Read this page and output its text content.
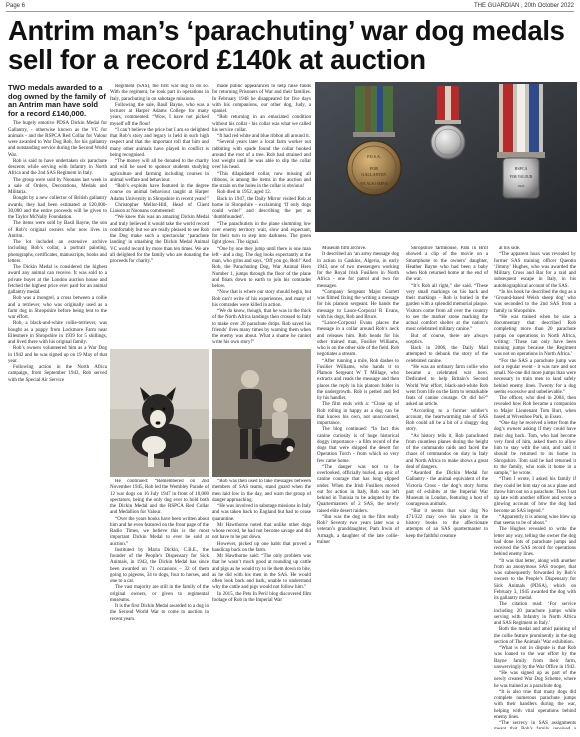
Page 6	THE GUARDIAN , 20th October 2022
Antrim man’s ‘parachuting’ war dog medals sell for a record £140k at auction

TWO medals awarded to a dog owned by the family of an Antrim man have sold for a record £140,000.

The hugely emotive PDSA Dickin Medal for Gallantry, - otherwise known as the VC for animals - and the RSPCA Red Collar for Valour were awarded to War Dog Rob, for his gallantry and outstanding service during the Second World War.

Rob is said to have undertaken six parachute descents while serving with Infantry in North Africa and the 2nd SAS Regiment in Italy.

The group were sold by Noonans last week in a sale of Orders, Decorations, Medals and Militaria.

Bought by a new collector of British gallantry awards, they had been estimated at £20,000-30,000 and the entire proceeds will be given to the Taylor McNally Foundation.

The items were sold by Basil Bayne, the son of Rob’s original owners who now lives in Antrim.

The lot included an extensive archive including Rob’s collar, a portrait painting, photographs, certificates, manuscripts, books and letters.

The Dickin Medal is considered the highest award any animal can receive. It was sold to a private buyer at the London auction house and fetched the highest price ever paid for an animal gallantry medal.

Rob was a mongrel, a cross between a collie and a retriever, who was originally used as a farm dog in Shropshire before being lent to the war effort.

Rob, a black-and-white collie-retriever, was bought as a puppy from Lockmore Farm near Ellesmere in Shropshire in 1939 for 5 shillings, and lived there with his original family.

Rob’s owners volunteered him as a War Dog in 1942 and he was signed up on 19 May of that year.

Following action in the North Africa campaign, from September 1943, Rob served with the Special Air Service

Regiment (SAS), the first war dog to do so. With the regiment, he took part in operations in Italy, parachuting in on sabotage missions.

Following the sale, Basil Bayne, who was a lecturer at Harper Adams College for many years, commented: “Wow, I have not picked myself off the floor!

“I can’t believe the price but I am so delighted that Rob’s story and legacy is held in such high respect and that the important roll that him and many other animals have played in conflict is being recognised.

“The money will all be donated to the charity and will be used to sponsor students studying agriculture and farming including courses in animal welfare and behaviour.

“Rob’s exploits have featured in the degree course on animal behaviour taught at Harper Adams University in Shropshire in recent years!”

Christopher Mellor-Hill, Head of Client Liaison at Noonans commented:

“We knew this was an amazing Dickin Medal and truly believed it would take the world record comfortably but we are really pleased to see Rob the Dog make such a spectacular ‘parachute landing’ in smashing the Dickin Medal Animal VC world record by more than ten times. We are all delighted for the family who are donating the proceeds for charity.”

made public appearances to help raise funds for returning Prisoners of War and their families. In February 1948 he disappeared for five days with his companions, our other dog, Judy, a spaniel.

“Rob returning in an emaciated condition without his collar - his collar was what we called his service collar.

“It had red white and blue ribbon all around it.

“Several years later a local farm worker out rabbiting with spade found the collar hooked around the root of a tree. Rob had strained and lost weight until he was able to slip the collar over his head.

“This dilapidated collar, now missing all ribbons, is among the items in the auction and the strain on the holes in the collar is obvious!

Rob died in 1952, aged 12.

Back in 1947, the Daily Mirror visited Rob at home in Shropshire - exclaiming ‘If only dogs could write!’ and describing the pet as ‘dumbfounded’.

“The parachutists in the plane slumming low over enemy territory wait, slow and expectant, for their turn to step into darkness. The green light glows. The signal.

“One by one they jump until there is one man left - and a dog. The dog looks expectantly at the man, who grins and says, ‘Off you go, Rob!’ And Rob, the Parachuting Dog, War Animal Hero Number 1, jumps through the floor of the plane and floats down to earth to join his comrades below.

“Now that is where our story should begin, but Rob can’t write of his experiences, and many of his comrades were killed in action.

“We do know, though, that he was in the thick of the North Africa landings then crossed to Italy to make over 20 parachute drops. Rob saved his friends’ lives many times by warning them when the enemy was about. What a shame he cannot write his own story!”

P.D.S.A.
FOR
GALLANTRY
WE ALSO SERVE
RSPCA
FOR VALOUR
1945

Museum film archive.

It described an ‘an army message dog in action in Gaskins, Algeria, in early 1943, one of two messengers working for the Royal Irish Fusiliers in North Africa - one for patrol and two for messages.

“Company Sergeant Major Garrett was filmed fixing the writing a message for his platoon sergeant. He hands the message to Lance-Corporal R Evans, with his dogs, Rob and Bruce.

“Lance-Corporal Evans places the message in a collar around Rob’s neck and releases him. Rob heads for his other trained man, Fusilier Williams, who is on the other side of the field. Rob negotiates a stream.

“After running a mile, Rob dashes to Fusilier Williams, who hands it to Platoon Sergeant W T Millage, who extracts and reads the message and then places the reply in his platoon folder in the undergrowth. Rob is petted and fed by his handler.

The film ends with a: “Close up of Rob rolling in happy as a dog can be that knows his own, not unaccounted, importance.

The blog continued: “In fact this canine curiosity is of huge historical doggy importance - a film record of the dogs that were shipped the desert for Operation Torch - from which so very few came home.

“The danger was not to be overlooked, officially buried, an epic of canine courage that has long slipped under. When the Irish Fusiliers moved out for action in Italy, Rob was left behind in Tunisia to be adopted by the Quartermasters of 2 SAS, the newly raised elite desert raiders.

“But was the dog in the film really Rob? Seventy two years later was a veteran’s granddaughter, Pam Irwin of Armagh, a daughter of the late collie-trainer

Shropshire farmhouse, Pam in Brill showed a clip of the movie on a Smartphone to the owners’ daughter, Heather Bayne who had been a baby when Rob returned home at the end of the war.

“It’s Rob all right,” she said. “These very small markings on his back and their markings - Rob is buried in the garden with a splendid memorial plaque. Visitors come from all over the country to see the marker stone marking the actual comfort shelter at the nation’s most celebrated military canine.”

But of course, there are always sceptics.

Back in 2006, the Daily Mail attempted to debunk the story of the celebrated canine.

“He was an ordinary farm collie who became a celebrated war hero. Dedicated to help Britain’s Second World War effort, black-and-white Rob went from life on the farm to remarkable feats of canine courage. Or did he?” asked an article.

“According to a former soldier’s account, the heartwarming tale of SAS Rob could all be a bit of a shaggy dog story.

“As history tells it, Rob parachuted from countless planes during the height of the commando raids and faced the chaos of commandos on duty in Italy and North Africa to make shows a great deal of dangers.

“Awarded the Dickin Medal for Gallantry - the animal equivalent of the Victoria Cross - the dog’s story forms part of exhibits at the Imperial War Museum in London, featuring a host of courageous animals.

“But it seems that war dog No 471/322 may owe his place in the history books to the affectionate attempts of an SAS quartermaster to keep the faithful creature

at his side.

“The apparent hoax was revealed by former SAS training officer Quentin ‘Jimmy’ Hughes, who was awarded the Military Cross and Bar for a raid and subsequent escape in Italy, in his autobiographical account of the SAS.

“In his book he described the dog as a ‘Ground-based Welsh sheep dog’ who was seconded to the 2nd SAS from a family in Shropshire.

“He was trained when he saw a documentary that described Rob completing more than 20 parachute jumps on operations in North Africa, writing: ‘These can only have been training jumps because the Regiment was not on operations in North Africa.’

“For the SAS a parachute jump was not a regular event - it was rare and not small. No-one did more jumps than were necessary to train men to land safely behind enemy lines. Twenty for a dog seems excessive and unbelievable.”

The officer, who died in 2004, then revealed how Rob became a companion to Major Lieutenant Tom Burt, when based at Wivenhoe Park, in Essex.

“One day he received a letter from the dog’s owners asking if they could have their dog back. Tom, who had become very fond of him, asked them to allow him to stay with the unit, and said it should be returned to its home in Shropshire. Tom said he had returned it to the family, who took it home in a sample,” he wrote.

“Then I wrote, I asked his family if they could let him stay on as a plane and throw him out on a parachute. Then I sat up late with another officer and wrote a glowing account of how the dog had become an SAS legend.”

“Apparently it is among wine blew up that seems to be of about.”

The Hughes revealed to write the letter any way, telling the owner the dog had done lots of parachute jumps and received the SAS record for operations behind enemy lines.

“It was that letter, along with another from an anonymous SAS trooper, that was subsequently forwarded by Rob’s owners to the People’s Dispensary for Sick Animals (PDSA), which on February 3, 1945 awarded the dog with its gallantry medal.

The citation read: ‘For service including 20 parachute jumps while serving with Infantry in North Africa and SAS Regiment in Italy.’

Both the medal and amid painting of the collie feature prominently in the dog section of The Animals’ War exhibition.

“What is not in dispute is that Rob was loaned to the war effort by the Bayne family from their farm, unswervingly by the War Office in 1942.

“He was signed up as part of the newly created War Dog Scheme, where he was trained as a parachute dog.

“It is also true that many dogs did complete numerous parachute jumps with their handlers during the war, helping with vital operations behind enemy lines.

“The secrecy in SAS assignments

He continued: “Remembered on 2nd November 1945, Rob led the Wembley Parade of 12 war dogs on 16 July 1947 in front of 10,000 spectators, being the only dog ever to hold both the Dickin Medal and the RSPCA Red Collar and Medallion for Valour.

“Over the years books have been written about him and he even featured on the front page of the Radio Times, we believe this is the most important Dickin Medal to ever be sold at auction.”

Instituted by Maria Dickin, C.B.E., the founder of the People’s Dispensary for Sick Animals, in 1943, the Dickin Medal has since been awarded on 71 occasions – 32 of them going to pigeons, 34 to dogs, four to horses, and one to a cat.

The vast majority are still in the family of the original owners, or given to regimental museums.

It is the first Dickin Medal awarded to a dog in the Second World War to come to auction in recent years.

“Rob was then used to take messages between members of SAS teams, stand guard when the men laid low in the day, and warn the group of danger approaching.

“He was involved in sabotage missions in Italy and was taken back to England but had to cease quarantine.

Mr Hawthorne noted that unlike other dogs whose record, he had not become savage and did not have to be put down.

However, picked up one habit that proved a handicap back on the farm.

Mr Hawthorne said: “The only problem was that he wasn’t much good at rounding up cattle and pigs as he would try to lie them down to bite, as he did with his men in the SAS. He would often look back and bark, unable to understand why the cattle and pigs would not follow him.”

In 2015, the Pets In Peril blog discovered film footage of Rob in the Imperial War
